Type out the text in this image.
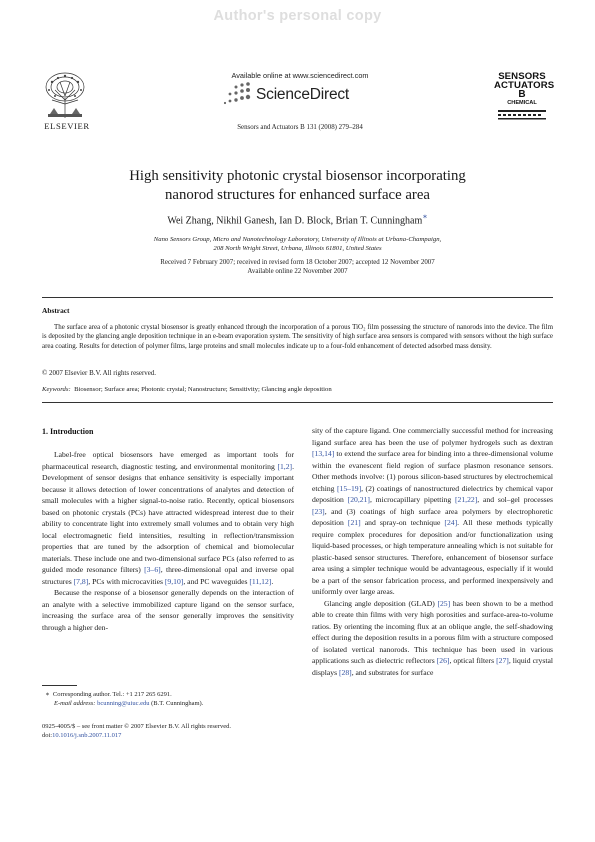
Author's personal copy
ELSEVIER
Available online at www.sciencedirect.com
ScienceDirect
Sensors and Actuators B 131 (2008) 279–284
SENSORS
ACTUATORS
B
CHEMICAL
High sensitivity photonic crystal biosensor incorporating
nanorod structures for enhanced surface area
Wei Zhang, Nikhil Ganesh, Ian D. Block, Brian T. Cunningham∗
Nano Sensors Group, Micro and Nanotechnology Laboratory, University of Illinois at Urbana-Champaign,
208 North Wright Street, Urbana, Illinois 61801, United States
Received 7 February 2007; received in revised form 18 October 2007; accepted 12 November 2007
Available online 22 November 2007
Abstract
The surface area of a photonic crystal biosensor is greatly enhanced through the incorporation of a porous TiO₂ film possessing the structure of nanorods into the device. The film is deposited by the glancing angle deposition technique in an e-beam evaporation system. The sensitivity of high surface area sensors is compared with sensors without the high surface area coating. Results for detection of polymer films, large proteins and small molecules indicate up to a four-fold enhancement of detected adsorbed mass density.
© 2007 Elsevier B.V. All rights reserved.
Keywords: Biosensor; Surface area; Photonic crystal; Nanostructure; Sensitivity; Glancing angle deposition
1. Introduction

Label-free optical biosensors have emerged as important tools for pharmaceutical research, diagnostic testing, and environmental monitoring [1,2]. Development of sensor designs that enhance sensitivity is especially important because it allows detection of lower concentrations of analytes and detection of small molecules with a higher signal-to-noise ratio. Recently, optical biosensors based on photonic crystals (PCs) have attracted widespread interest due to their ability to concentrate light into extremely small volumes and to obtain very high local electromagnetic field intensities, resulting in reflection/transmission properties that are tuned by the adsorption of chemical and biomolecular materials. These include one and two-dimensional surface PCs (also referred to as guided mode resonance filters) [3–6], three-dimensional opal and inverse opal structures [7,8], PCs with microcavities [9,10], and PC waveguides [11,12].

Because the response of a biosensor generally depends on the interaction of an analyte with a selective immobilized capture ligand on the sensor surface, increasing the surface area of the sensor generally improves the sensitivity through a higher den-

sity of the capture ligand. One commercially successful method for increasing ligand surface area has been the use of polymer hydrogels such as dextran [13,14] to extend the surface area for binding into a three-dimensional volume within the evanescent field region of surface plasmon resonance sensors. Other methods involve: (1) porous silicon-based structures by electrochemical etching [15–19], (2) coatings of nanostructured dielectrics by chemical vapor deposition [20,21], microcapillary pipetting [21,22], and sol–gel processes [23], and (3) coatings of high surface area polymers by electrophoretic deposition [21] and spray-on technique [24]. All these methods typically require complex procedures for deposition and/or functionalization using liquid-based processes, or high temperature annealing which is not suitable for plastic-based sensor structures. Therefore, enhancement of biosensor surface area using a simpler technique would be advantageous, especially if it would be a part of the sensor fabrication process, and performed inexpensively and uniformly over large areas.

Glancing angle deposition (GLAD) [25] has been shown to be a method able to create thin films with very high porosities and surface-area-to-volume ratios. By orienting the incoming flux at an oblique angle, the self-shadowing effect during the deposition results in a porous film with a structure composed of isolated vertical nanorods. This technique has been used in various applications such as dielectric reflectors [26], optical filters [27], liquid crystal displays [28], and substrates for surface

∗ Corresponding author. Tel.: +1 217 265 6291.
E-mail address: bcunning@uiuc.edu (B.T. Cunningham).
0925-4005/$ – see front matter © 2007 Elsevier B.V. All rights reserved.
doi:10.1016/j.snb.2007.11.017
